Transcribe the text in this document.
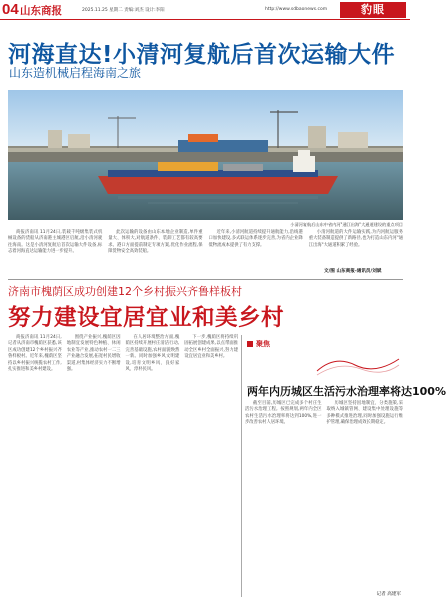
04 山东商报	2025.11.25 星期二 责编:刘杰 设计:李阳	http://www.sdbaonews.com	豹眼
河海直达!小清河复航后首次运输大件
山东造机械启程海南之旅
小清河复航后山东中省内河"通江出海"大通道建设的重点项目
商报济南讯 11月24日,装载千吨级集装式机械设备的货船从济南港主城港区启航,沿小清河驶往海南。这是小清河复航后首次运输大件设备,标志着河海直达运输能力进一步提升。
此次运输的设备由山东本地企业制造,单件重量大、体积大,对航道条件、装卸工艺都有较高要求。港口方面提前制定专项方案,优化作业流程,保障货物安全高效装船。
近年来,小清河航道持续提升通航能力,沿线港口加快建设,多式联运体系逐步完善,为省内企业降低物流成本提供了有力支撑。
小清河航道的大件运输实践,为内河航运服务重大装备制造提供了新路径,也为打造山东内河"通江出海"大通道积累了经验。
文/图 山东商报-通讯员/刘斌
济南市槐荫区成功创建12个乡村振兴齐鲁样板村
努力建设宜居宜业和美乡村
商报济南讯 11月24日,记者从济南市槐荫区获悉,该区成功创建12个乡村振兴齐鲁样板村。近年来,槐荫区坚持以乡村振兴统揽农村工作,扎实推进和美乡村建设。
围绕产业振兴,槐荫区因地制宜发展特色种植、休闲农业等产业,推动农村一二三产业融合发展,拓宽村民增收渠道,村集体经济实力不断增强。
在人居环境整治方面,槐荫区持续开展村庄清洁行动,完善基础设施,农村面貌焕然一新。同时加强乡风文明建设,培育文明乡风、良好家风、淳朴民风。
下一步,槐荫区将持续巩固拓展创建成果,以点带面推动全区乡村全面振兴,努力建设宜居宜业和美乡村。
聚焦
两年内历城区生活污水治理率将达100%
截至目前,历城区已完成多个村庄生活污水治理工程。按照规划,两年内全区农村生活污水治理率将达到100%,进一步改善农村人居环境。
历城区坚持因地制宜、分类施策,采取纳入城镇管网、建设集中处理设施等多种模式推进治理,同时加强设施运行维护管理,确保治理成效长期稳定。
记者 高建军
